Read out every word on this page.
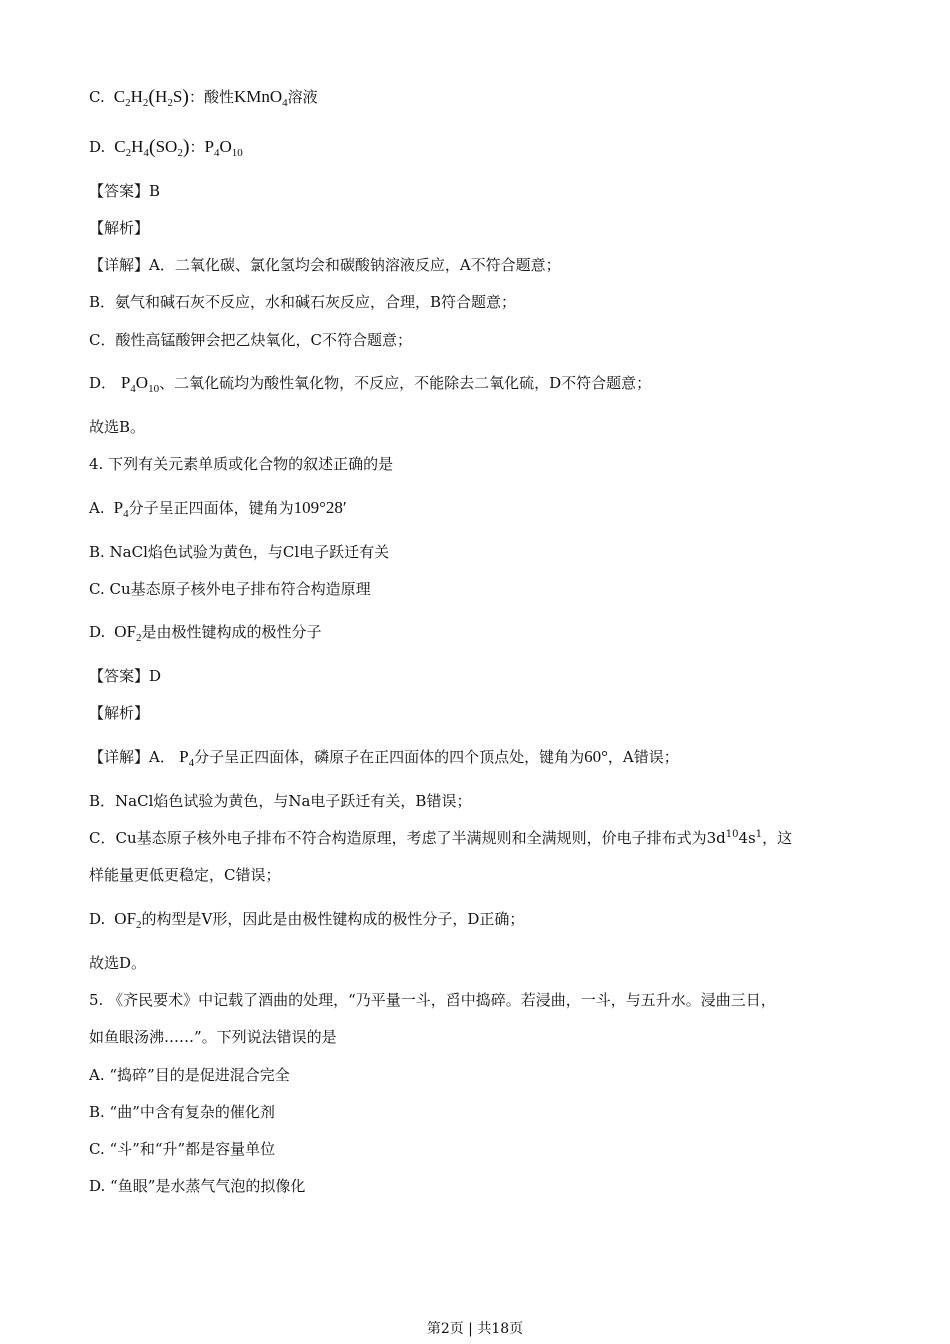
C.  $C_2H_2(H_2S)$：酸性KMnO$_4$溶液
D.  $C_2H_4(SO_2)$：$P_4O_{10}$
【答案】B
【解析】
【详解】A．二氧化碳、氯化氢均会和碳酸钠溶液反应，A不符合题意；
B．氨气和碱石灰不反应，水和碱石灰反应，合理，B符合题意；
C．酸性高锰酸钾会把乙炔氧化，C不符合题意；
D． $P_4O_{10}$、二氧化硫均为酸性氧化物，不反应，不能除去二氧化硫，D不符合题意；
故选B。
4. 下列有关元素单质或化合物的叙述正确的是
A.  $P_4$分子呈正四面体，键角为109°28′
B. NaCl焰色试验为黄色，与Cl电子跃迁有关
C. Cu基态原子核外电子排布符合构造原理
D.  $OF_2$是由极性键构成的极性分子
【答案】D
【解析】
【详解】A． $P_4$分子呈正四面体，磷原子在正四面体的四个顶点处，键角为60°，A错误；
B．NaCl焰色试验为黄色，与Na电子跃迁有关，B错误；
C．Cu基态原子核外电子排布不符合构造原理，考虑了半满规则和全满规则，价电子排布式为$3d^{10}4s^1$，这
样能量更低更稳定，C错误；
D.  $OF_2$的构型是V形，因此是由极性键构成的极性分子，D正确；
故选D。
5. 《齐民要术》中记载了酒曲的处理，“乃平量一斗，舀中捣碎。若浸曲，一斗，与五升水。浸曲三日，
如鱼眼汤沸……”。下列说法错误的是
A. “捣碎”目的是促进混合完全
B. “曲”中含有复杂的催化剂
C. “斗”和“升”都是容量单位
D. “鱼眼”是水蒸气气泡的拟像化
第2页 | 共18页
